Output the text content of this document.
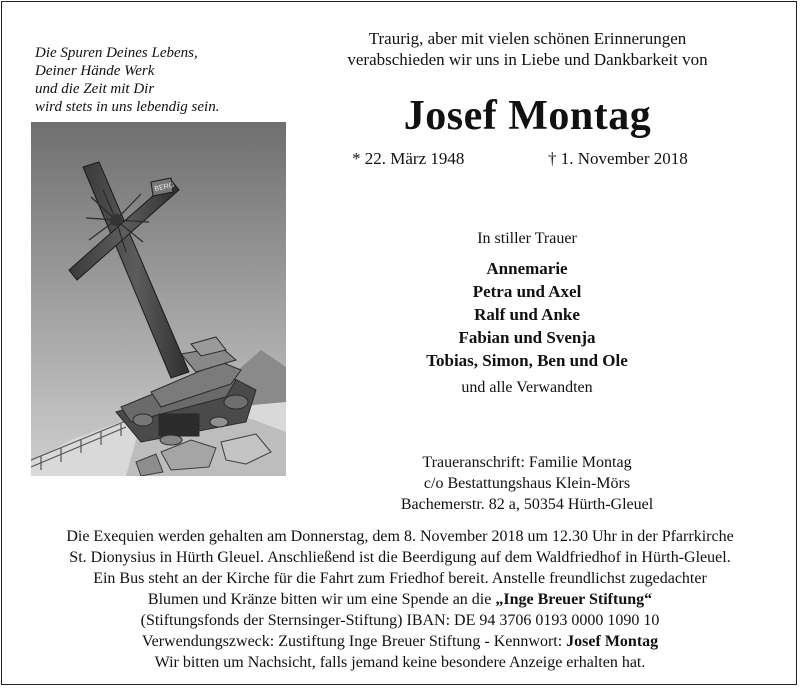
Die Spuren Deines Lebens,
Deiner Hände Werk
und die Zeit mit Dir
wird stets in uns lebendig sein.
BERG
Traurig, aber mit vielen schönen Erinnerungen
verabschieden wir uns in Liebe und Dankbarkeit von
Josef Montag
* 22. März 1948	† 1. November 2018
In stiller Trauer
Annemarie
Petra und Axel
Ralf und Anke
Fabian und Svenja
Tobias, Simon, Ben und Ole
und alle Verwandten
Traueranschrift: Familie Montag
c/o Bestattungshaus Klein-Mörs
Bachemerstr. 82 a, 50354 Hürth-Gleuel
Die Exequien werden gehalten am Donnerstag, dem 8. November 2018 um 12.30 Uhr in der Pfarrkirche
St. Dionysius in Hürth Gleuel. Anschließend ist die Beerdigung auf dem Waldfriedhof in Hürth-Gleuel.
Ein Bus steht an der Kirche für die Fahrt zum Friedhof bereit. Anstelle freundlichst zugedachter
Blumen und Kränze bitten wir um eine Spende an die „Inge Breuer Stiftung“
(Stiftungsfonds der Sternsinger-Stiftung) IBAN: DE 94 3706 0193 0000 1090 10
Verwendungszweck: Zustiftung Inge Breuer Stiftung - Kennwort: Josef Montag
Wir bitten um Nachsicht, falls jemand keine besondere Anzeige erhalten hat.
